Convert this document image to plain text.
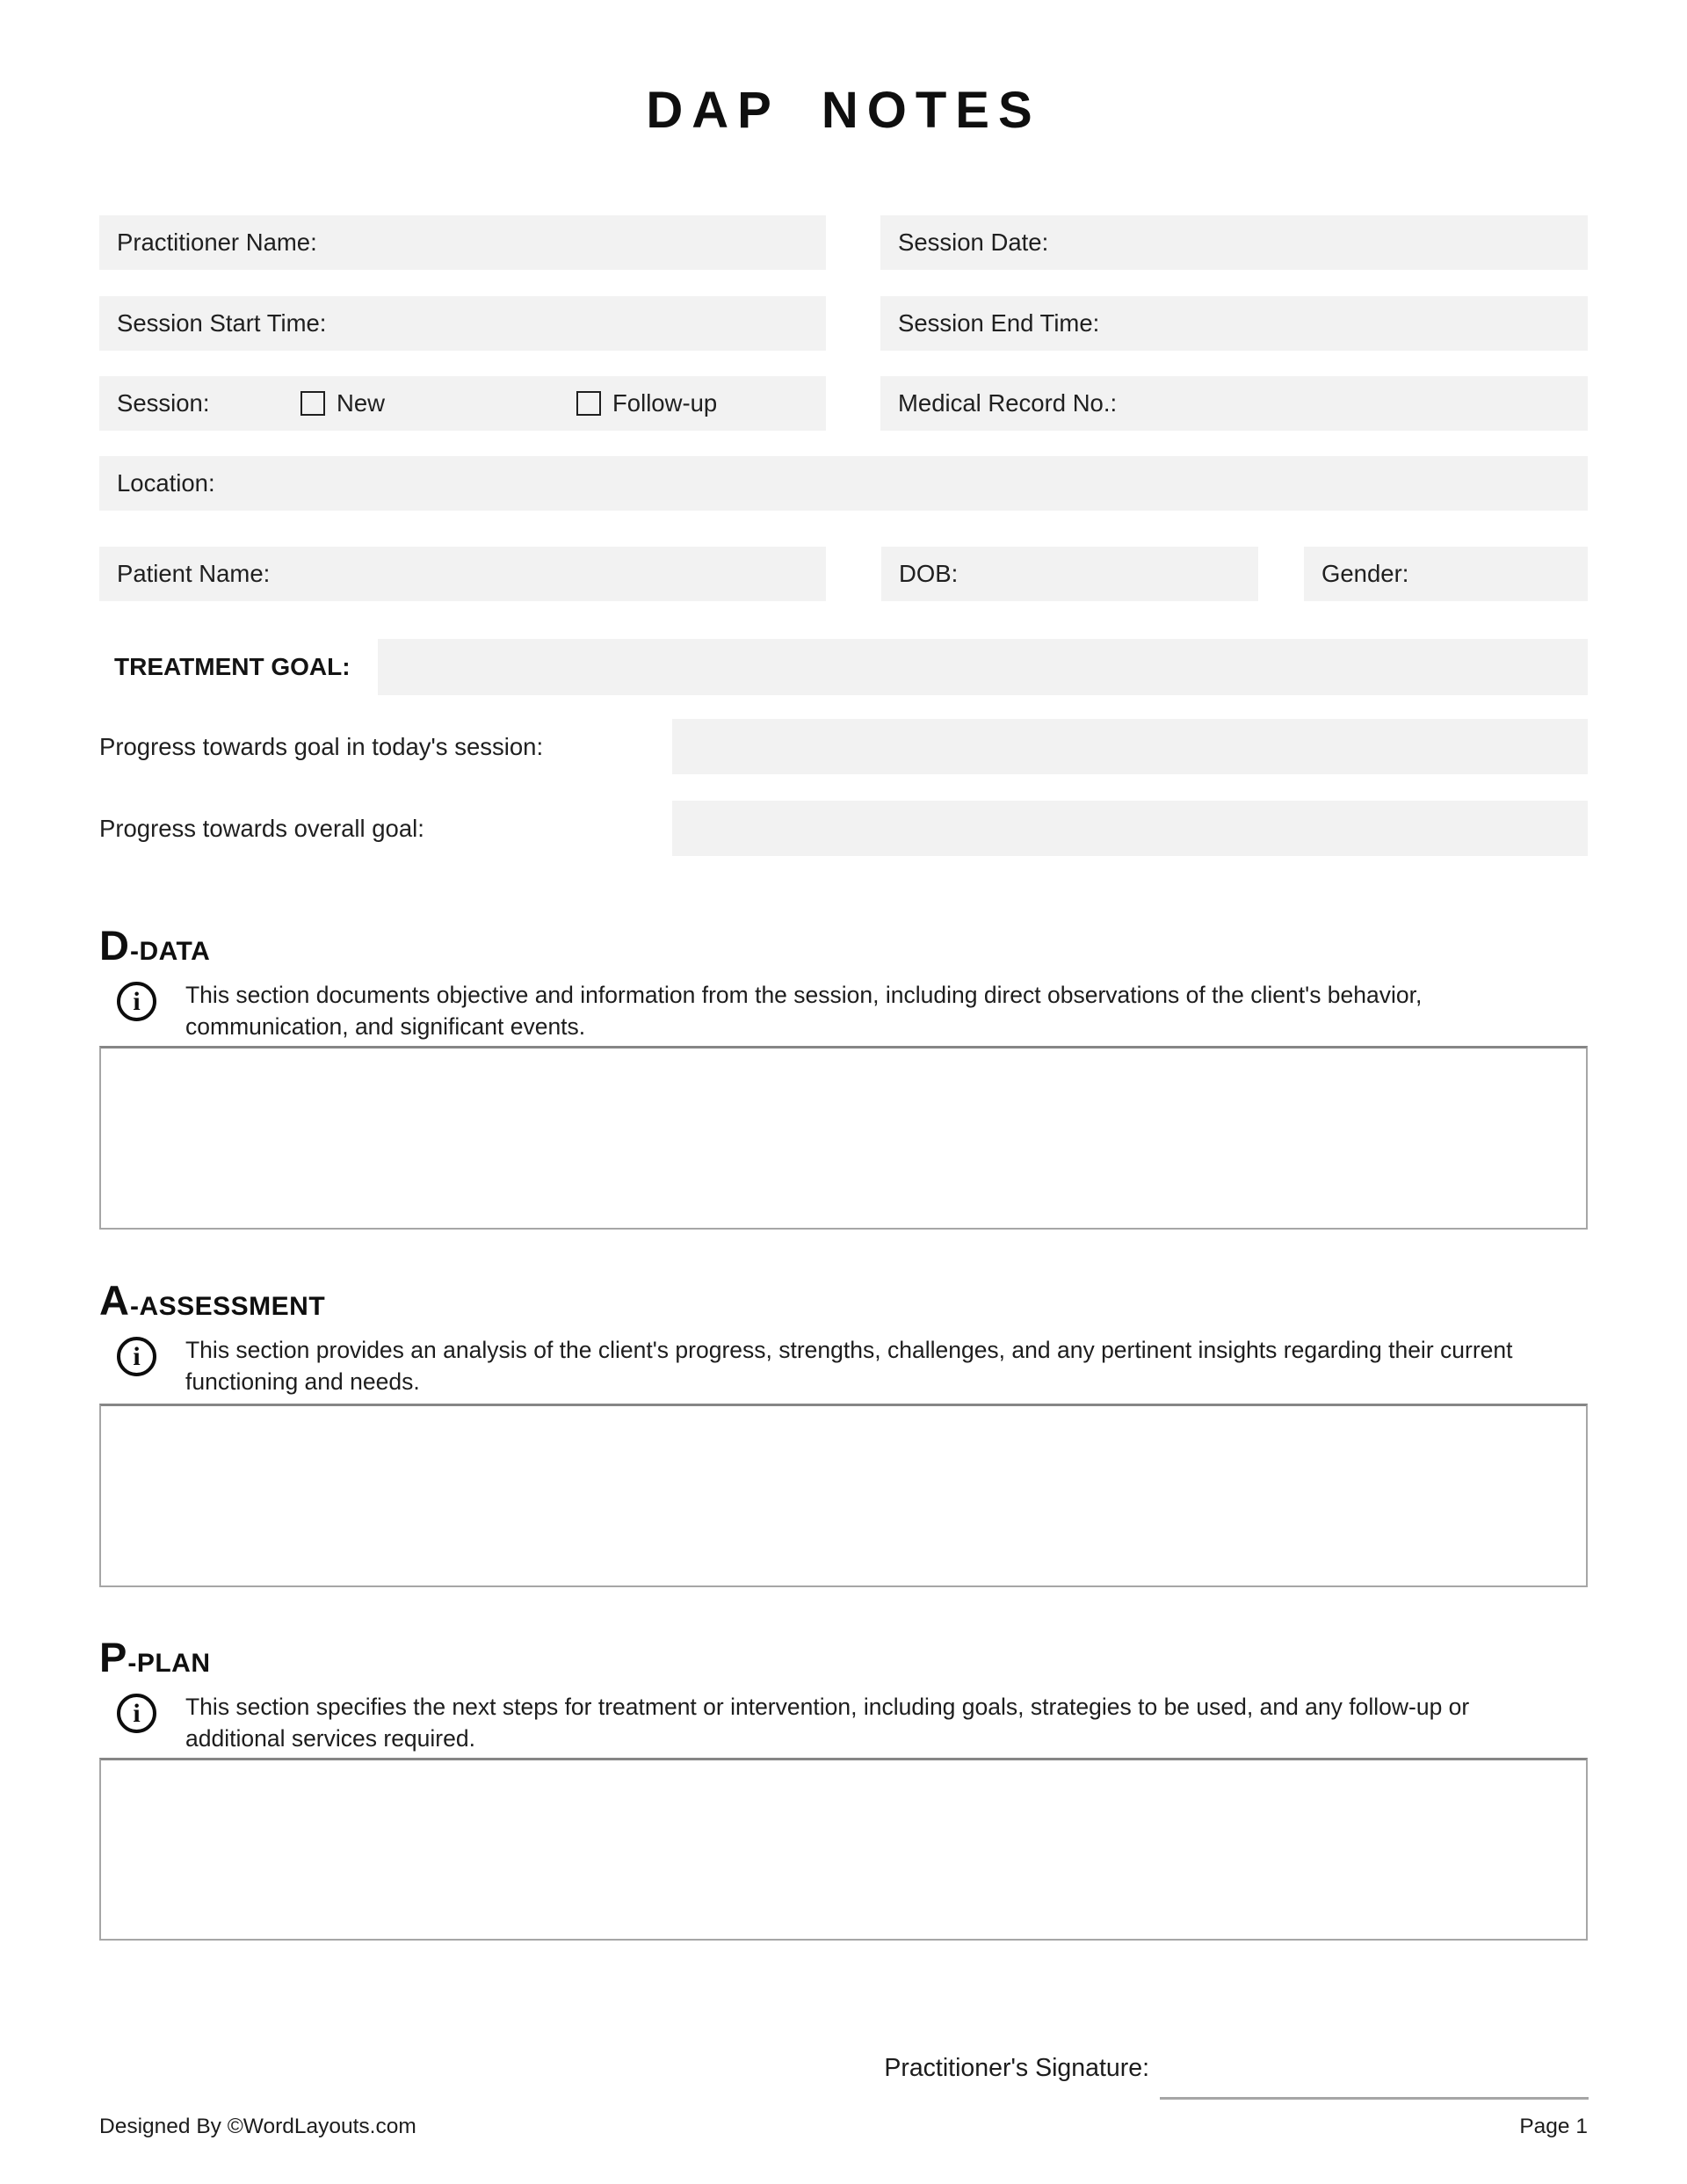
DAP NOTES
Practitioner Name:	Session Date:
Session Start Time:	Session End Time:
Session:	New	Follow-up	Medical Record No.:
Location:
Patient Name:	DOB:	Gender:
TREATMENT GOAL:
Progress towards goal in today's session:
Progress towards overall goal:
D-DATA
i	This section documents objective and information from the session, including direct observations of the client's behavior,
communication, and significant events.
A-ASSESSMENT
i	This section provides an analysis of the client's progress, strengths, challenges, and any pertinent insights regarding their current
functioning and needs.
P-PLAN
i	This section specifies the next steps for treatment or intervention, including goals, strategies to be used, and any follow-up or
additional services required.
Practitioner's Signature:
Designed By ©WordLayouts.com	Page 1
